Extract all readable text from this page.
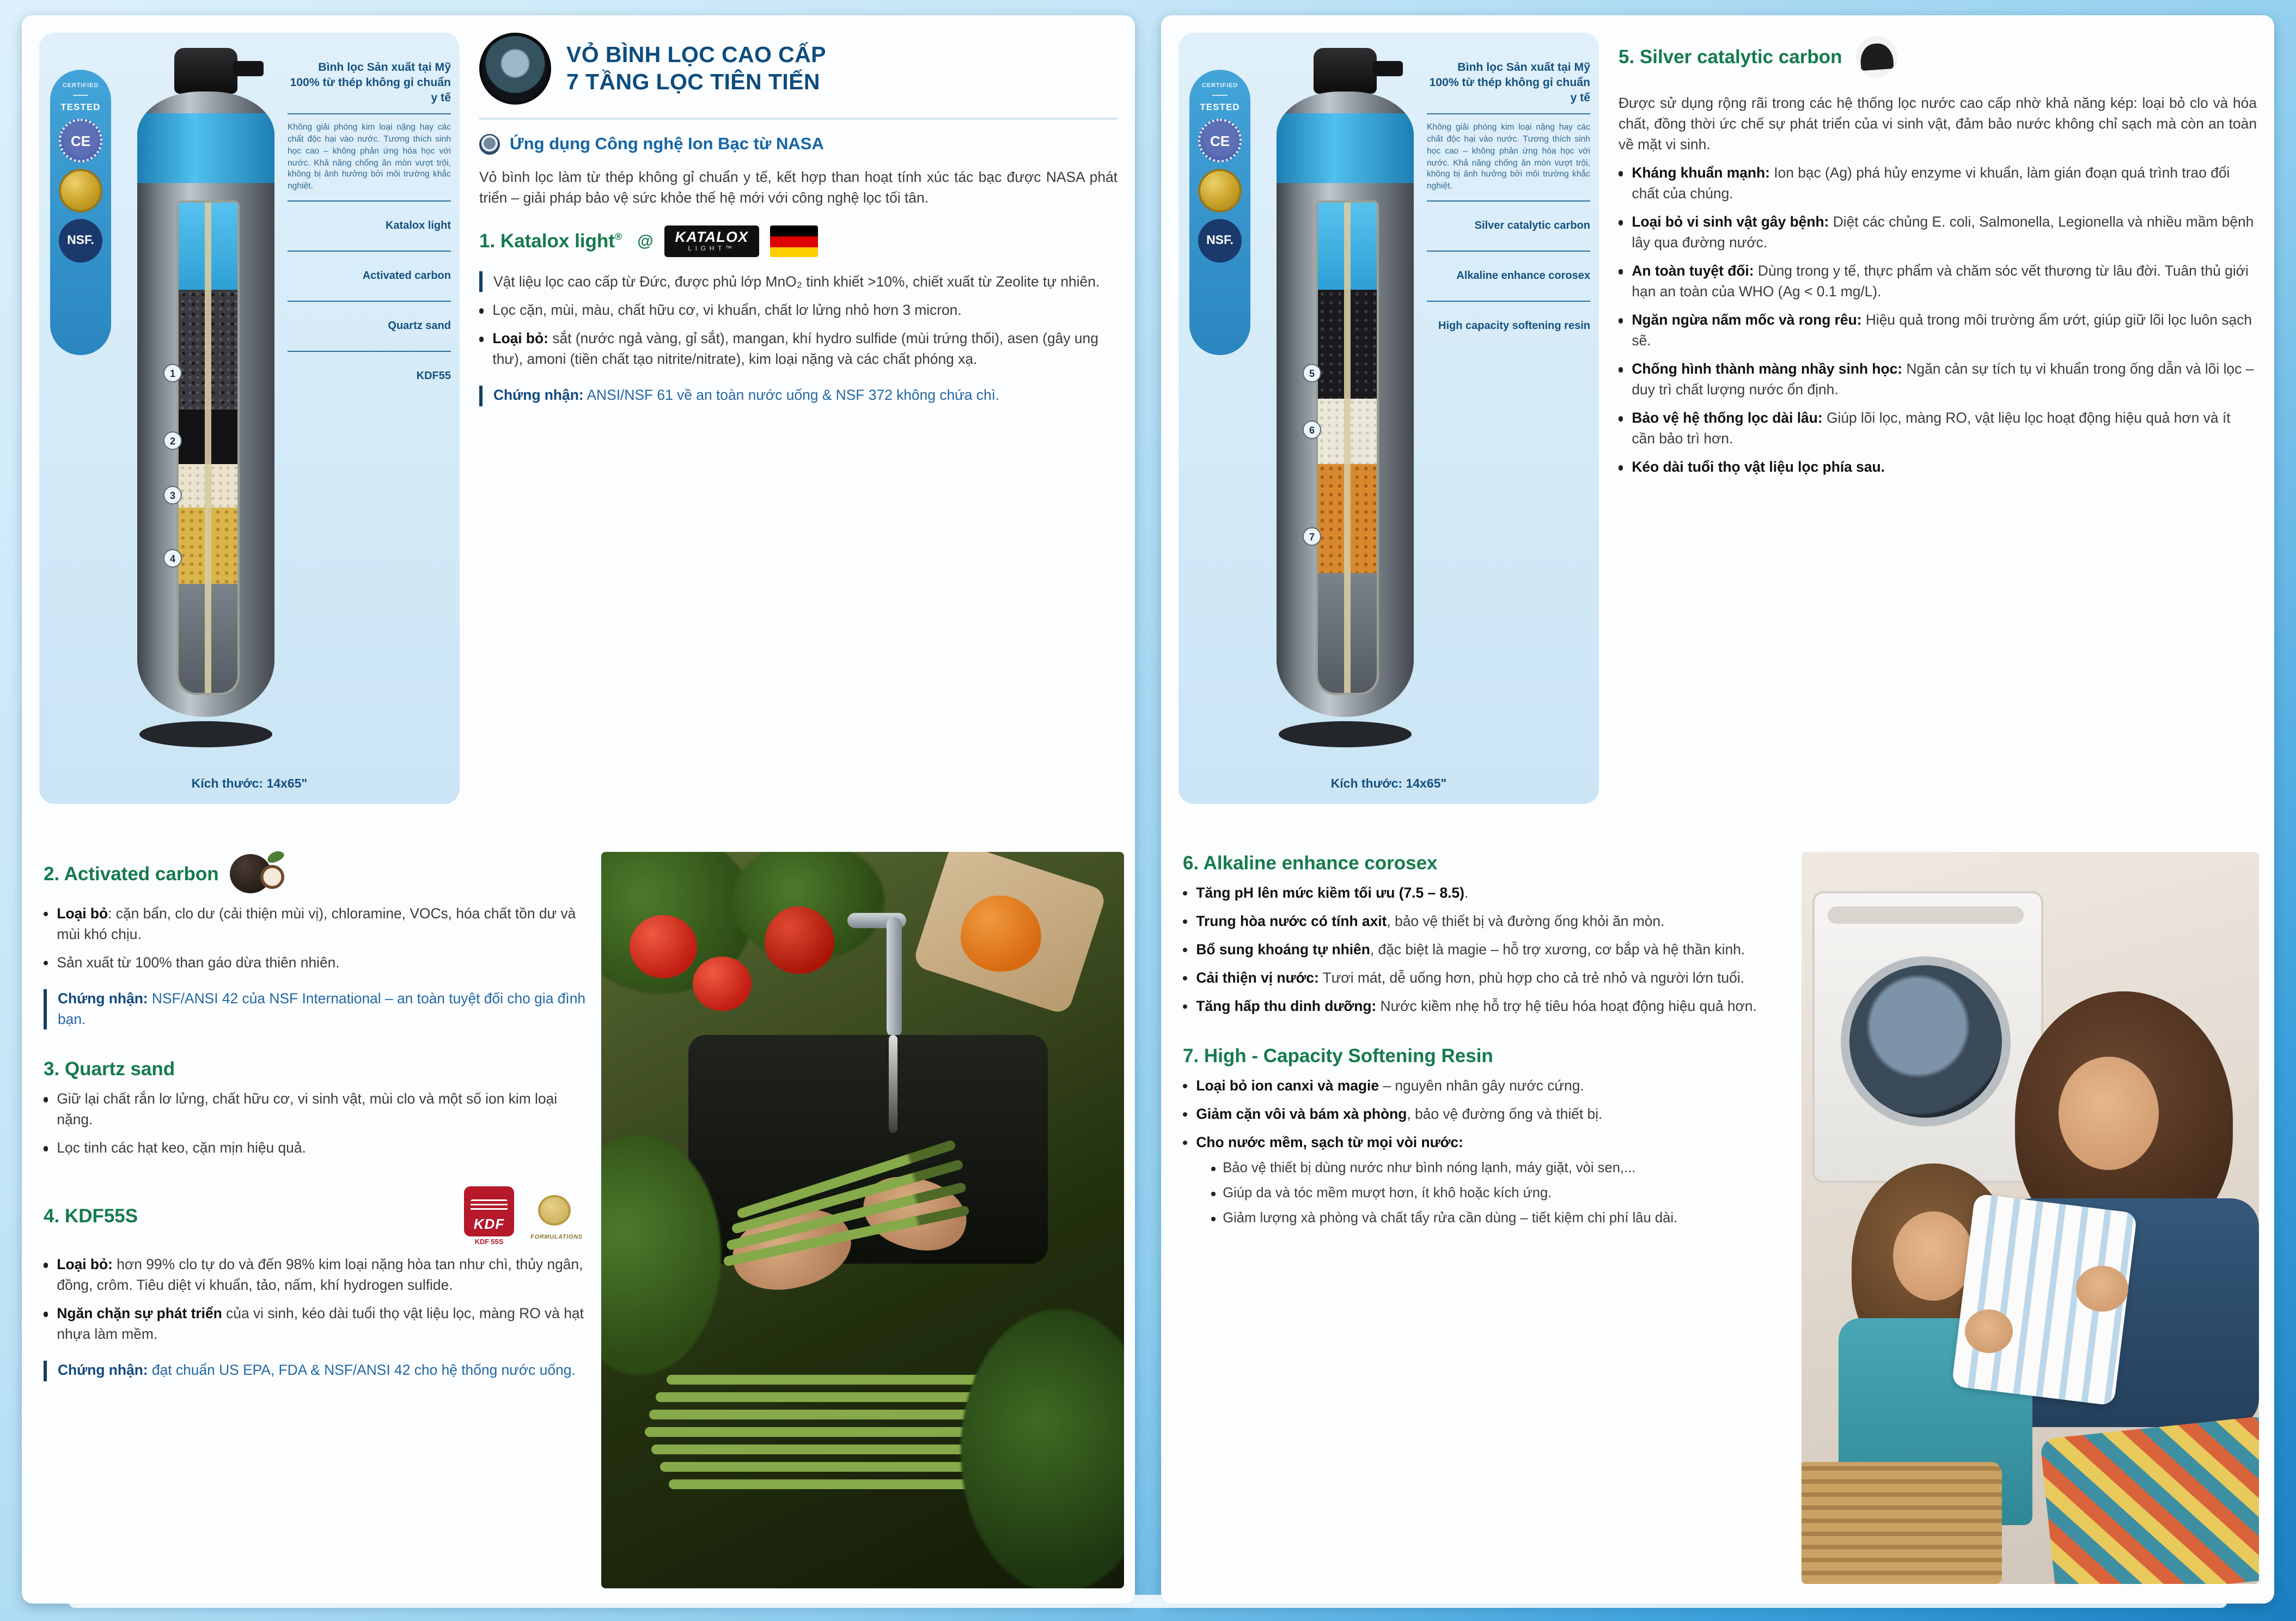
CERTIFIED
TESTED
CE
NSF.
1
2
3
4
Bình lọc Sản xuất tại Mỹ 100% từ thép không gỉ chuẩn y tế
Không giải phóng kim loại nặng hay các chất độc hại vào nước. Tương thích sinh học cao – không phản ứng hóa học với nước. Khả năng chống ăn mòn vượt trội, không bị ảnh hưởng bởi môi trường khắc nghiệt.
Katalox light
Activated carbon
Quartz sand
KDF55
Kích thước: 14x65"
VỎ BÌNH LỌC CAO CẤP
7 TẦNG LỌC TIÊN TIẾN
Ứng dụng Công nghệ Ion Bạc từ NASA
Vỏ bình lọc làm từ thép không gỉ chuẩn y tế, kết hợp than hoạt tính xúc tác bạc được NASA phát triển – giải pháp bảo vệ sức khỏe thế hệ mới với công nghệ lọc tối tân.
1. Katalox light® @	KATALOX
LIGHT™
Vật liệu lọc cao cấp từ Đức, được phủ lớp MnO₂ tinh khiết >10%, chiết xuất từ Zeolite tự nhiên.
Lọc cặn, mùi, màu, chất hữu cơ, vi khuẩn, chất lơ lửng nhỏ hơn 3 micron.
Loại bỏ: sắt (nước ngả vàng, gỉ sắt), mangan, khí hydro sulfide (mùi trứng thối), asen (gây ung thư), amoni (tiền chất tạo nitrite/nitrate), kim loại nặng và các chất phóng xạ.
Chứng nhận: ANSI/NSF 61 về an toàn nước uống & NSF 372 không chứa chì.
2. Activated carbon
Loại bỏ: cặn bẩn, clo dư (cải thiện mùi vị), chloramine, VOCs, hóa chất tồn dư và mùi khó chịu.
Sản xuất từ 100% than gáo dừa thiên nhiên.
Chứng nhận: NSF/ANSI 42 của NSF International – an toàn tuyệt đối cho gia đình bạn.
3. Quartz sand
Giữ lại chất rắn lơ lửng, chất hữu cơ, vi sinh vật, mùi clo và một số ion kim loại nặng.
Lọc tinh các hạt keo, cặn mịn hiệu quả.
4. KDF55S	KDF
KDF 55S
FORMULATIONS
Loại bỏ: hơn 99% clo tự do và đến 98% kim loại nặng hòa tan như chì, thủy ngân, đồng, crôm. Tiêu diệt vi khuẩn, tảo, nấm, khí hydrogen sulfide.
Ngăn chặn sự phát triển của vi sinh, kéo dài tuổi thọ vật liệu lọc, màng RO và hạt nhựa làm mềm.
Chứng nhận: đạt chuẩn US EPA, FDA & NSF/ANSI 42 cho hệ thống nước uống.
CERTIFIED
TESTED
CE
NSF.
5
6
7
Bình lọc Sản xuất tại Mỹ 100% từ thép không gỉ chuẩn y tế
Không giải phóng kim loại nặng hay các chất độc hại vào nước. Tương thích sinh học cao – không phản ứng hóa học với nước. Khả năng chống ăn mòn vượt trội, không bị ảnh hưởng bởi môi trường khắc nghiệt.
Silver catalytic carbon
Alkaline enhance corosex
High capacity softening resin
Kích thước: 14x65"
5. Silver catalytic carbon
Được sử dụng rộng rãi trong các hệ thống lọc nước cao cấp nhờ khả năng kép: loại bỏ clo và hóa chất, đồng thời ức chế sự phát triển của vi sinh vật, đảm bảo nước không chỉ sạch mà còn an toàn về mặt vi sinh.
Kháng khuẩn mạnh: Ion bạc (Ag) phá hủy enzyme vi khuẩn, làm gián đoạn quá trình trao đổi chất của chúng.
Loại bỏ vi sinh vật gây bệnh: Diệt các chủng E. coli, Salmonella, Legionella và nhiều mầm bệnh lây qua đường nước.
An toàn tuyệt đối: Dùng trong y tế, thực phẩm và chăm sóc vết thương từ lâu đời. Tuân thủ giới hạn an toàn của WHO (Ag < 0.1 mg/L).
Ngăn ngừa nấm mốc và rong rêu: Hiệu quả trong môi trường ẩm ướt, giúp giữ lõi lọc luôn sạch sẽ.
Chống hình thành màng nhầy sinh học: Ngăn cản sự tích tụ vi khuẩn trong ống dẫn và lõi lọc – duy trì chất lượng nước ổn định.
Bảo vệ hệ thống lọc dài lâu: Giúp lõi lọc, màng RO, vật liệu lọc hoạt động hiệu quả hơn và ít cần bảo trì hơn.
Kéo dài tuổi thọ vật liệu lọc phía sau.
6. Alkaline enhance corosex
Tăng pH lên mức kiềm tối ưu (7.5 – 8.5).
Trung hòa nước có tính axit, bảo vệ thiết bị và đường ống khỏi ăn mòn.
Bổ sung khoáng tự nhiên, đặc biệt là magie – hỗ trợ xương, cơ bắp và hệ thần kinh.
Cải thiện vị nước: Tươi mát, dễ uống hơn, phù hợp cho cả trẻ nhỏ và người lớn tuổi.
Tăng hấp thu dinh dưỡng: Nước kiềm nhẹ hỗ trợ hệ tiêu hóa hoạt động hiệu quả hơn.
7. High - Capacity Softening Resin
Loại bỏ ion canxi và magie – nguyên nhân gây nước cứng.
Giảm cặn vôi và bám xà phòng, bảo vệ đường ống và thiết bị.
Cho nước mềm, sạch từ mọi vòi nước:
Bảo vệ thiết bị dùng nước như bình nóng lạnh, máy giặt, vòi sen,...
Giúp da và tóc mềm mượt hơn, ít khô hoặc kích ứng.
Giảm lượng xà phòng và chất tẩy rửa cần dùng – tiết kiệm chi phí lâu dài.
